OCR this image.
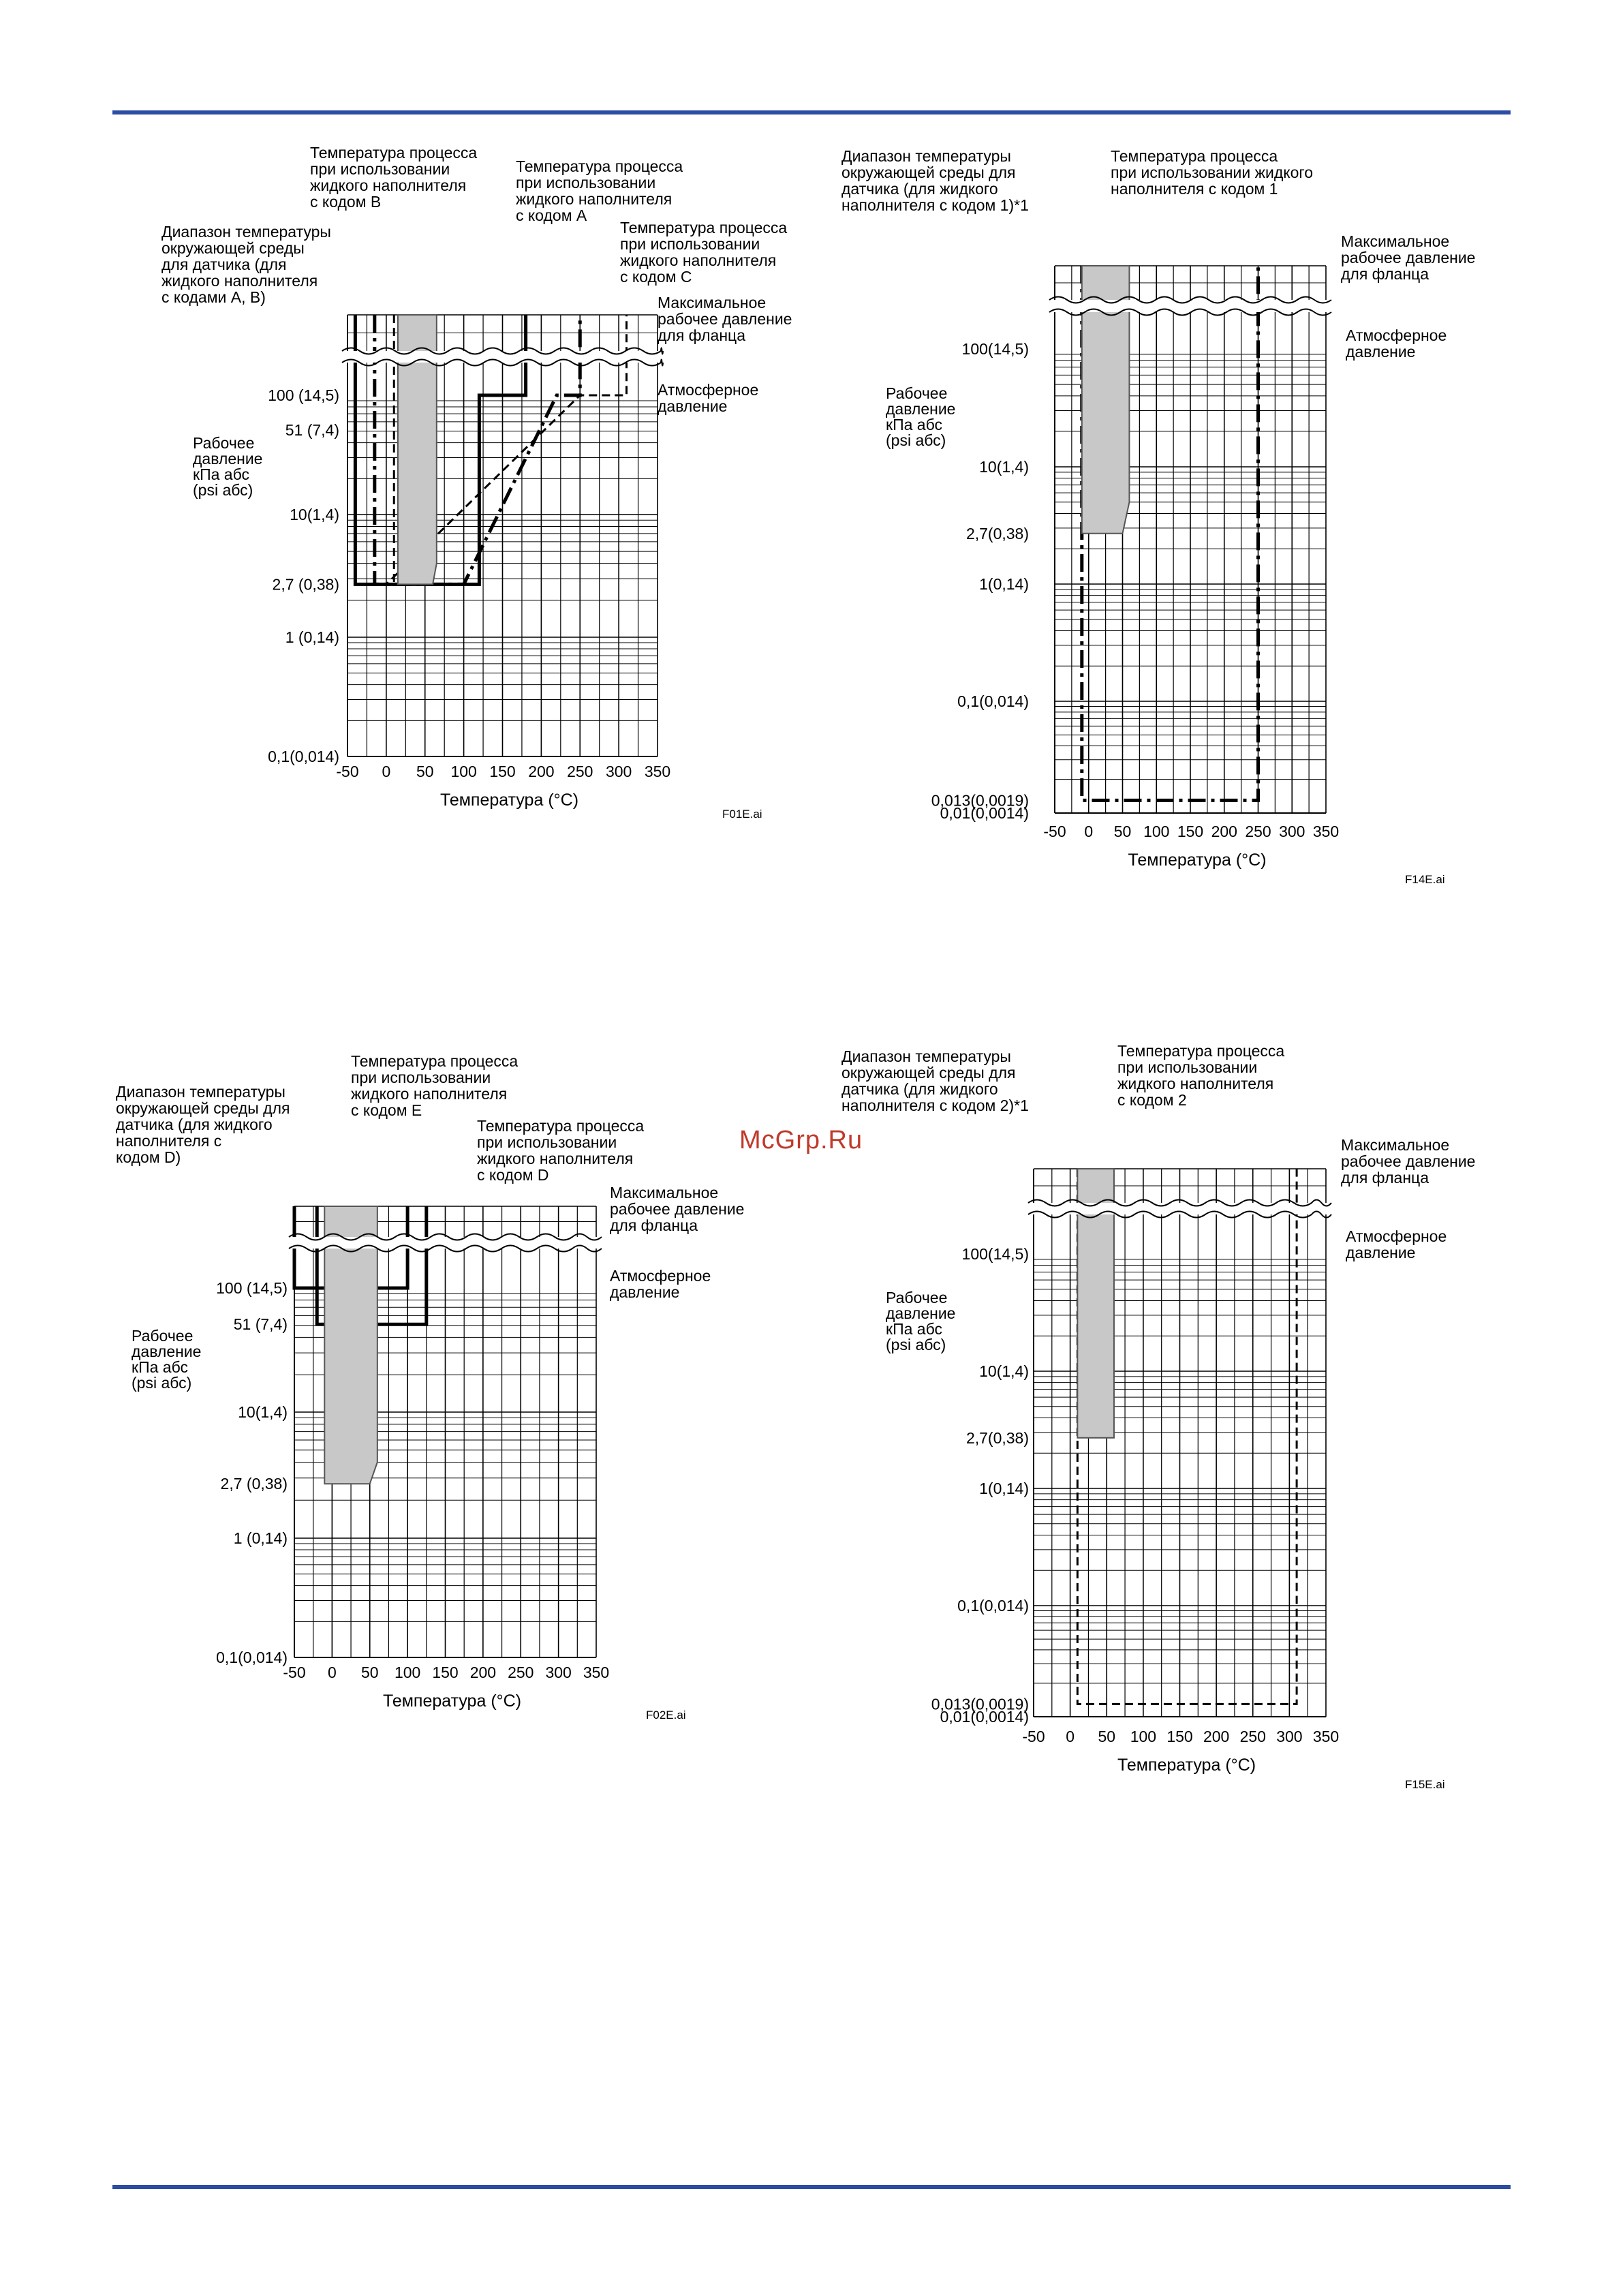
McGrp.Ru
100 (14,5)
51 (7,4)
10(1,4)
2,7 (0,38)
1 (0,14)
0,1(0,014)
-50 0 50 100 150 200 250 300 350
Температура (°C)
Рабочее
давление
кПа абс
(psi абс)
F01E.ai
Температура процесса
при использовании
жидкого наполнителя
с кодом B
Температура процесса
при использовании
жидкого наполнителя
с кодом A
Температура процесса
при использовании
жидкого наполнителя
с кодом C
Диапазон температуры
окружающей среды
для датчика (для
жидкого наполнителя
с кодами A, B)	Максимальное
рабочее давление
для фланца
Атмосферное
давление
100(14,5)
10(1,4)
2,7(0,38)
1(0,14)
0,1(0,014)
0,013(0,0019)
0,01(0,0014)
-50 0 50 100 150 200 250 300 350
Температура (°C)
Рабочее
давление
кПа абс
(psi абс)
F14E.ai
Диапазон температуры
окружающей среды для
датчика (для жидкого
наполнителя с кодом 1)*1
Температура процесса
при использовании жидкого
наполнителя с кодом 1
Максимальное
рабочее давление
для фланца
Атмосферное
давление
100 (14,5)
51 (7,4)
10(1,4)
2,7 (0,38)
1 (0,14)
0,1(0,014)
-50 0 50 100 150 200 250 300 350
Температура (°C)
Рабочее
давление
кПа абс
(psi абс)
F02E.ai
Температура процесса
при использовании
жидкого наполнителя
с кодом E
Температура процесса
при использовании
жидкого наполнителя
с кодом D
Диапазон температуры
окружающей среды для
датчика (для жидкого
наполнителя с
кодом D)
Максимальное
рабочее давление
для фланца
Атмосферное
давление
100(14,5)
10(1,4)
2,7(0,38)
1(0,14)
0,1(0,014)
0,013(0,0019)
0,01(0,0014)
-50 0 50 100 150 200 250 300 350
Температура (°C)
Рабочее
давление
кПа абс
(psi абс)
F15E.ai
Диапазон температуры
окружающей среды для
датчика (для жидкого
наполнителя с кодом 2)*1
Температура процесса
при использовании
жидкого наполнителя
с кодом 2
Максимальное
рабочее давление
для фланца
Атмосферное
давление
